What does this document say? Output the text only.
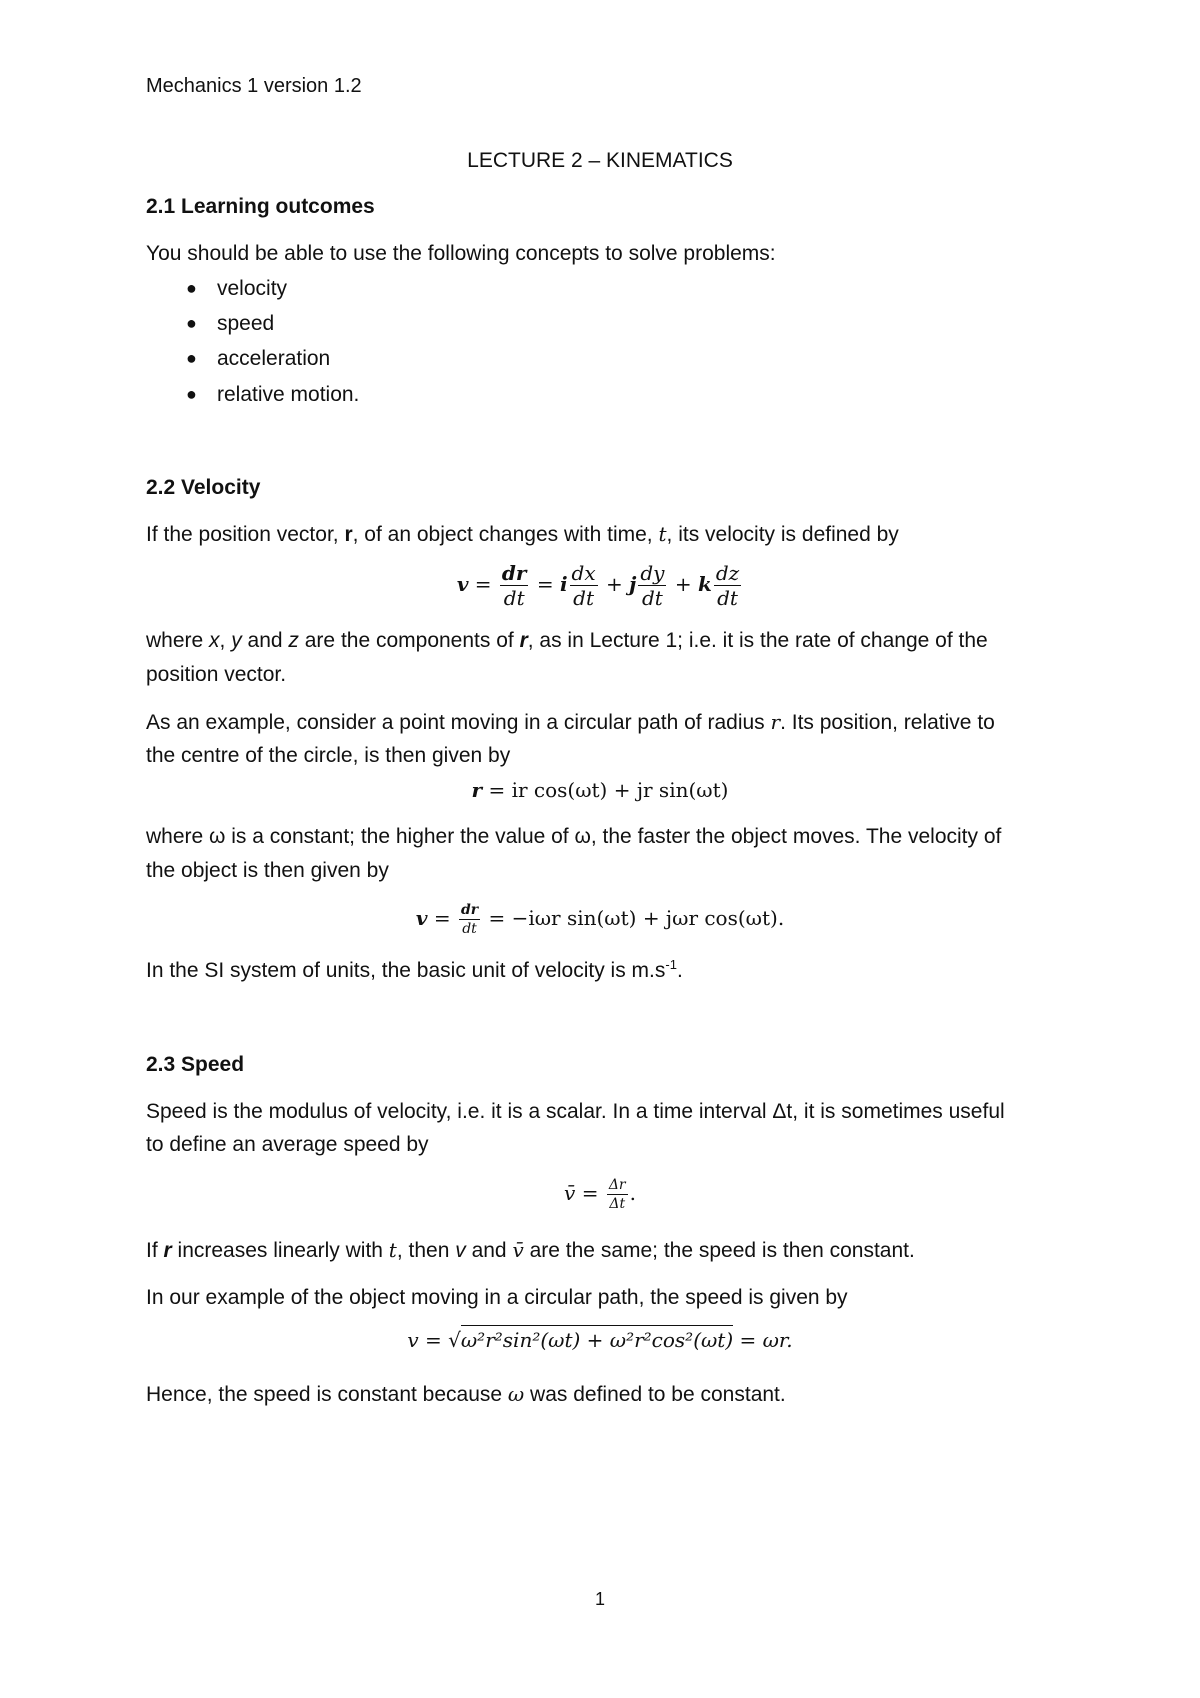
Mechanics 1 version 1.2
LECTURE 2 – KINEMATICS
2.1 Learning outcomes
You should be able to use the following concepts to solve problems:
● velocity
● speed
● acceleration
● relative motion.
2.2 Velocity
If the position vector, r, of an object changes with time, t, its velocity is defined by
$v = \frac{dr}{dt} = i \frac{dx}{dt} + j \frac{dy}{dt} + k \frac{dz}{dt}$
where x, y and z are the components of r, as in Lecture 1; i.e. it is the rate of change of the
position vector.
As an example, consider a point moving in a circular path of radius r. Its position, relative to
the centre of the circle, is then given by
r = ir cos(ωt) + jr sin(ωt)
where ω is a constant; the higher the value of ω, the faster the object moves. The velocity of
the object is then given by
$v = \frac{dr}{dt} = -i\omega r$ sin(ωt) + jωr cos(ωt).
In the SI system of units, the basic unit of velocity is $m.s^{-1}$.
2.3 Speed
Speed is the modulus of velocity, i.e. it is a scalar. In a time interval Δt, it is sometimes useful
to define an average speed by
v̄ = $\frac{\Delta r}{\Delta t}$ .
If r increases linearly with t, then v and v̄ are the same; the speed is then constant.
In our example of the object moving in a circular path, the speed is given by
v = √ω²r²sin²(ωt) + ω²r²cos²(ωt) = ωr.
Hence, the speed is constant because ω was defined to be constant.
1
